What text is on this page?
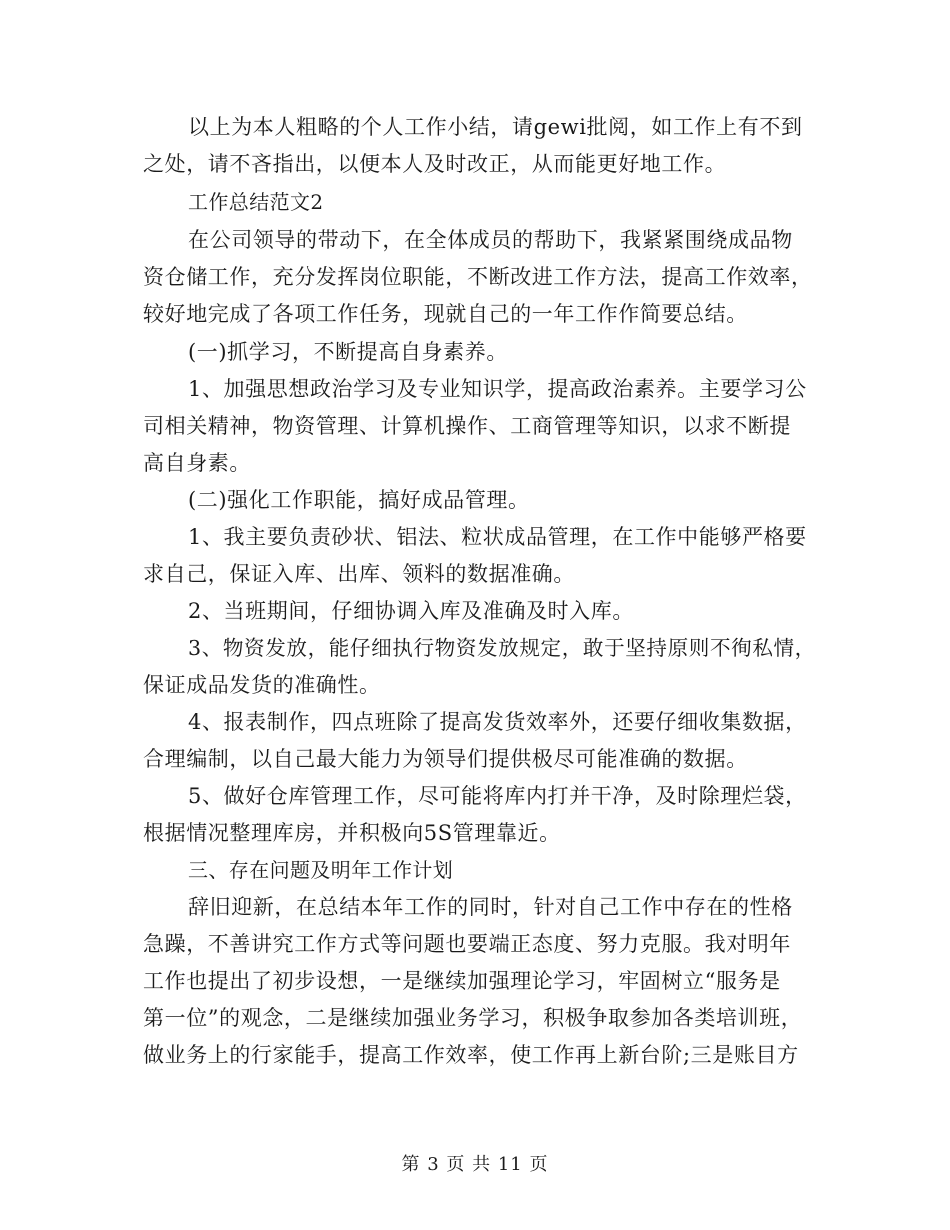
以上为本人粗略的个人工作小结，请gewi批阅，如工作上有不到
之处，请不吝指出，以便本人及时改正，从而能更好地工作。
工作总结范文2
在公司领导的带动下，在全体成员的帮助下，我紧紧围绕成品物
资仓储工作，充分发挥岗位职能，不断改进工作方法，提高工作效率，
较好地完成了各项工作任务，现就自己的一年工作作简要总结。
(一)抓学习，不断提高自身素养。
1、加强思想政治学习及专业知识学，提高政治素养。主要学习公
司相关精神，物资管理、计算机操作、工商管理等知识，以求不断提
高自身素。
(二)强化工作职能，搞好成品管理。
1、我主要负责砂状、铝法、粒状成品管理，在工作中能够严格要
求自己，保证入库、出库、领料的数据准确。
2、当班期间，仔细协调入库及准确及时入库。
3、物资发放，能仔细执行物资发放规定，敢于坚持原则不徇私情，
保证成品发货的准确性。
4、报表制作，四点班除了提高发货效率外，还要仔细收集数据，
合理编制，以自己最大能力为领导们提供极尽可能准确的数据。
5、做好仓库管理工作，尽可能将库内打并干净，及时除理烂袋，
根据情况整理库房，并积极向5S管理靠近。
三、存在问题及明年工作计划
辞旧迎新，在总结本年工作的同时，针对自己工作中存在的性格
急躁，不善讲究工作方式等问题也要端正态度、努力克服。我对明年
工作也提出了初步设想，一是继续加强理论学习，牢固树立“服务是
第一位”的观念，二是继续加强业务学习，积极争取参加各类培训班，
做业务上的行家能手，提高工作效率，使工作再上新台阶;三是账目方
第 3 页 共 11 页
